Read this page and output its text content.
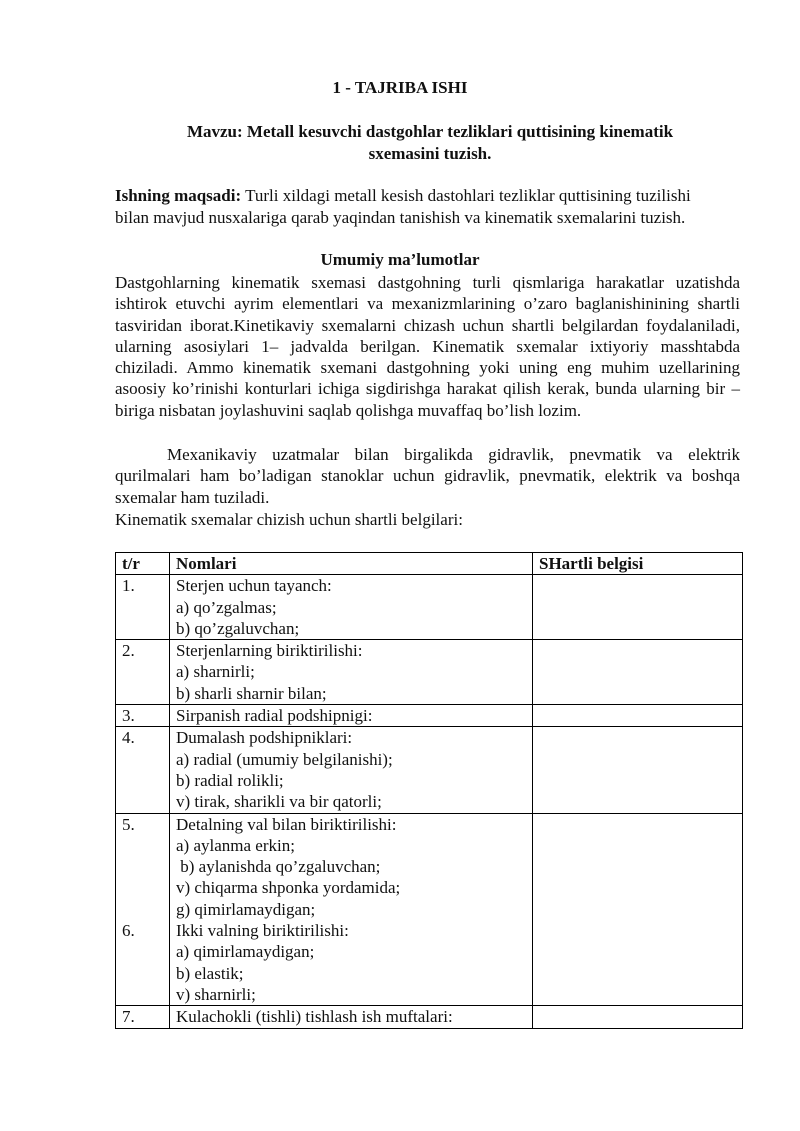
1 - TAJRIBA ISHI
Mavzu: Metall kesuvchi dastgohlar tezliklari quttisining kinematik sxemasini tuzish.
Ishning maqsadi: Turli xildagi metall kesish dastohlari tezliklar quttisining tuzilishi bilan mavjud nusxalariga qarab yaqindan tanishish va kinematik sxemalarini tuzish.
Umumiy ma’lumotlar
Dastgohlarning kinematik sxemasi dastgohning turli qismlariga harakatlar uzatishda ishtirok etuvchi ayrim elementlari va mexanizmlarining o’zaro baglanishinining shartli tasviridan iborat.Kinetikaviy sxemalarni chizash uchun shartli belgilardan foydalaniladi, ularning asosiylari 1– jadvalda berilgan. Kinematik sxemalar ixtiyoriy masshtabda chiziladi. Ammo kinematik sxemani dastgohning yoki uning eng muhim uzellarining asoosiy ko’rinishi konturlari ichiga sigdirishga harakat qilish kerak, bunda ularning bir – biriga nisbatan joylashuvini saqlab qolishga muvaffaq bo’lish lozim.
Mexanikaviy uzatmalar bilan birgalikda gidravlik, pnevmatik va elektrik qurilmalari ham bo’ladigan stanoklar uchun gidravlik, pnevmatik, elektrik va boshqa sxemalar ham tuziladi.
Kinematik sxemalar chizish uchun shartli belgilari:
t/r	Nomlari	SHartli belgisi
1.	Sterjen uchun tayanch:
a) qo’zgalmas;
b) qo’zgaluvchan;	

2.	Sterjenlarning biriktirilishi:
a) sharnirli;
b) sharli sharnir bilan;	

3.	Sirpanish radial podshipnigi:	

4.	Dumalash podshipniklari:
a) radial (umumiy belgilanishi);
b) radial rolikli;
v) tirak, sharikli va bir qatorli;	

5.	Detalning val bilan biriktirilishi:
a) aylanma erkin;
b) aylanishda qo’zgaluvchan;
v) chiqarma shponka yordamida;
g) qimirlamaydigan;	

6.	Ikki valning biriktirilishi:
a) qimirlamaydigan;
b) elastik;
v) sharnirli;	

7.	Kulachokli (tishli) tishlash ish muftalari:	
